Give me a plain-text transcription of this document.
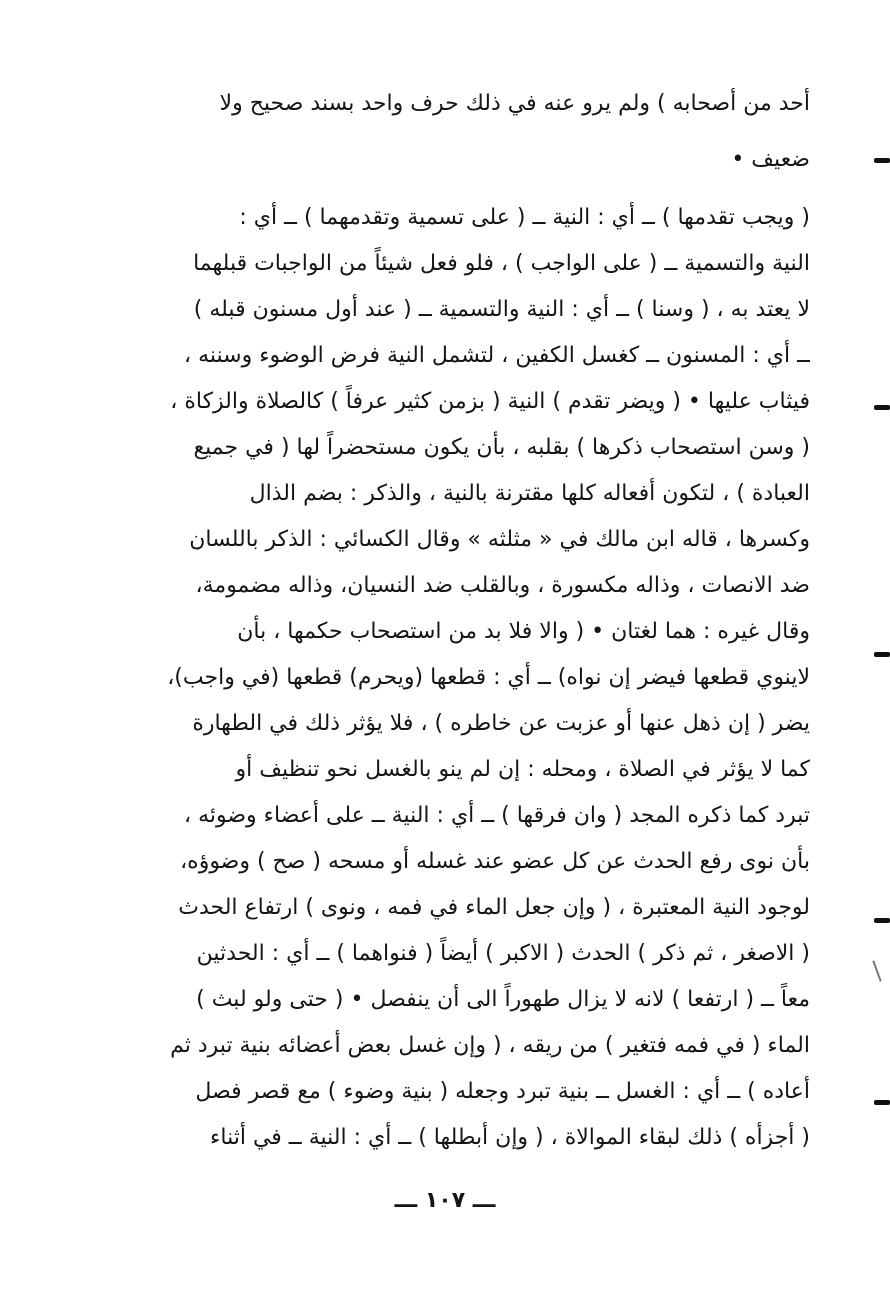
أحد من أصحابه ) ولم يرو عنه في ذلك حرف واحد بسند صحيح ولا
ضعيف •
( ويجب تقدمها ) ــ أي : النية ــ ( على تسمية وتقدمهما ) ــ أي :
النية والتسمية ــ ( على الواجب ) ، فلو فعل شيئاً من الواجبات قبلهما
لا يعتد به ، ( وسنا ) ــ أي : النية والتسمية ــ ( عند أول مسنون قبله )
ــ أي : المسنون ــ كغسل الكفين ، لتشمل النية فرض الوضوء وسننه ،
فيثاب عليها • ( ويضر تقدم ) النية ( بزمن كثير عرفاً ) كالصلاة والزكاة ،
( وسن استصحاب ذكرها ) بقلبه ، بأن يكون مستحضراً لها ( في جميع
العبادة ) ، لتكون أفعاله كلها مقترنة بالنية ، والذكر : بضم الذال
وكسرها ، قاله ابن مالك في « مثلثه » وقال الكسائي : الذكر باللسان
ضد الانصات ، وذاله مكسورة ، وبالقلب ضد النسيان، وذاله مضمومة،
وقال غيره : هما لغتان • ( والا فلا بد من استصحاب حكمها ، بأن
لاينوي قطعها فيضر إن نواه) ــ أي : قطعها (ويحرم) قطعها (في واجب)،
يضر ( إن ذهل عنها أو عزبت عن خاطره ) ، فلا يؤثر ذلك في الطهارة
كما لا يؤثر في الصلاة ، ومحله : إن لم ينو بالغسل نحو تنظيف أو
تبرد كما ذكره المجد ( وان فرقها ) ــ أي : النية ــ على أعضاء وضوئه ،
بأن نوى رفع الحدث عن كل عضو عند غسله أو مسحه ( صح ) وضوؤه،
لوجود النية المعتبرة ، ( وإن جعل الماء في فمه ، ونوى ) ارتفاع الحدث
( الاصغر ، ثم ذكر ) الحدث ( الاكبر ) أيضاً ( فنواهما ) ــ أي : الحدثين
معاً ــ ( ارتفعا ) لانه لا يزال طهوراً الى أن ينفصل • ( حتى ولو لبث )
الماء ( في فمه فتغير ) من ريقه ، ( وإن غسل بعض أعضائه بنية تبرد ثم
أعاده ) ــ أي : الغسل ــ بنية تبرد وجعله ( بنية وضوء ) مع قصر فصل
( أجزأه ) ذلك لبقاء الموالاة ، ( وإن أبطلها ) ــ أي : النية ــ في أثناء
ـــ ١٠٧ ـــ
